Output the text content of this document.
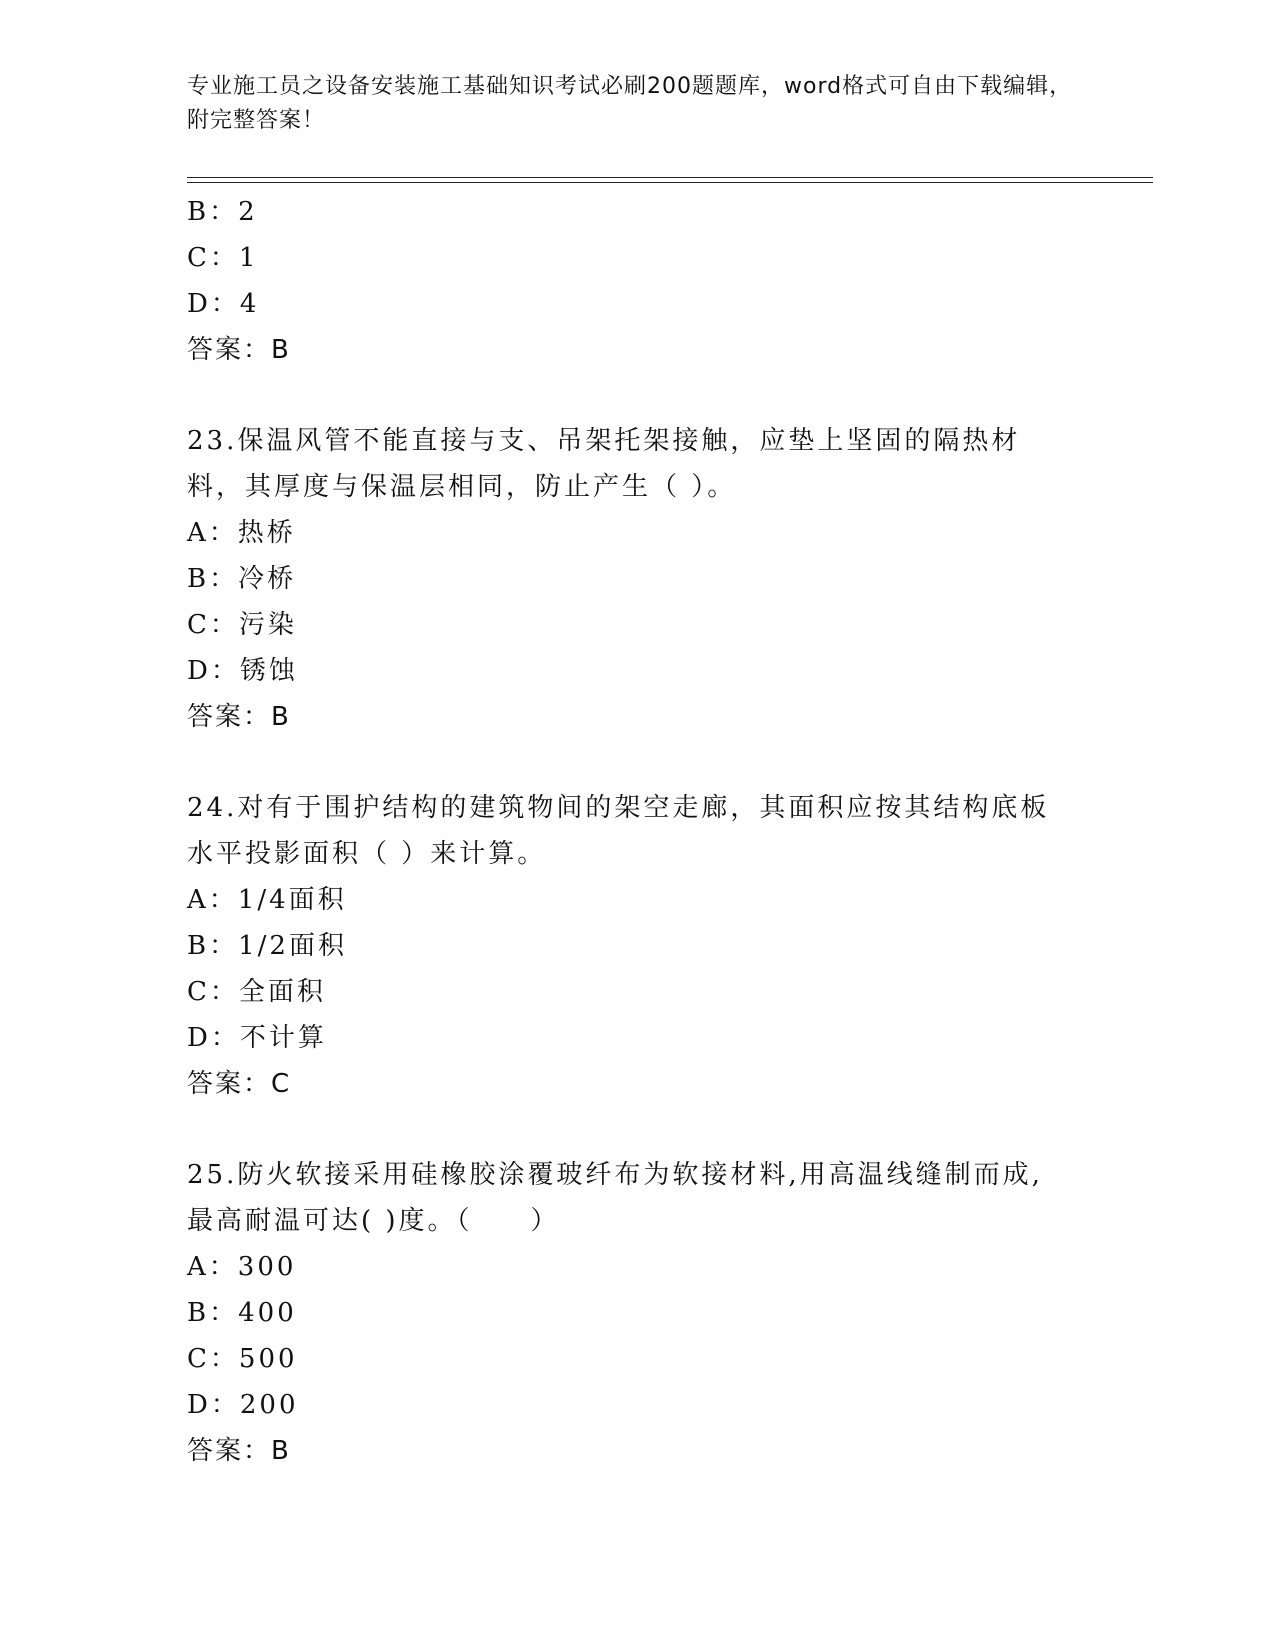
专业施工员之设备安装施工基础知识考试必刷200题题库，word格式可自由下载编辑，附完整答案！
B：2
C：1
D：4
答案：B
23.保温风管不能直接与支、吊架托架接触，应垫上坚固的隔热材料，其厚度与保温层相同，防止产生（ ）。
A：热桥
B：冷桥
C：污染
D：锈蚀
答案：B
24.对有于围护结构的建筑物间的架空走廊，其面积应按其结构底板水平投影面积（ ）来计算。
A：1/4面积
B：1/2面积
C：全面积
D：不计算
答案：C
25.防火软接采用硅橡胶涂覆玻纤布为软接材料,用高温线缝制而成,最高耐温可达( )度。（　　）
A：300
B：400
C：500
D：200
答案：B
